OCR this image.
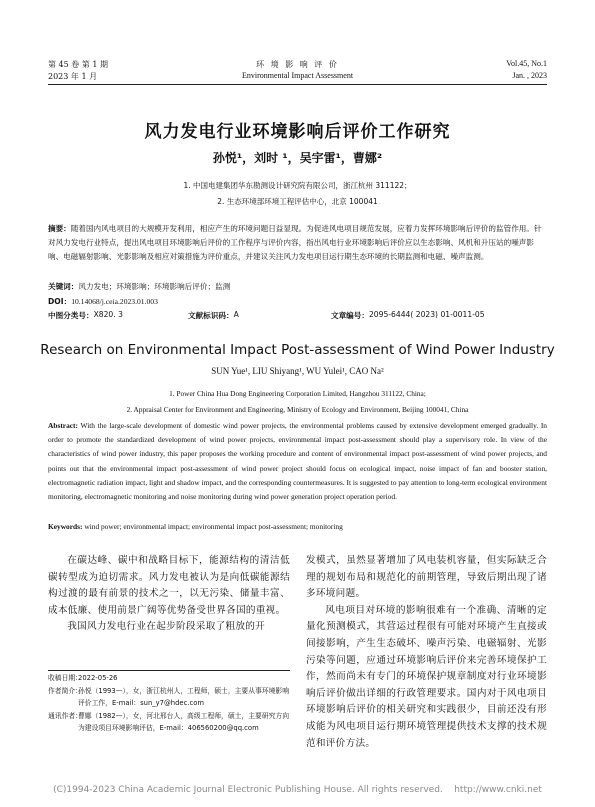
第 45 卷 第 1 期
2023 年 1 月
环 境 影 响 评 价
Environmental Impact Assessment
Vol.45, No.1
Jan. , 2023
风力发电行业环境影响后评价工作研究
孙悦¹，刘时 ¹，吴宇雷¹，曹娜²
1. 中国电建集团华东勘测设计研究院有限公司，浙江杭州 311122；
2. 生态环境部环境工程评估中心，北京 100041

摘要：随着国内风电项目的大规模开发利用，相应产生的环境问题日益显现。为促进风电项目规范发展，应着力发挥环境影响后评价的监管作用。针对风力发电行业特点，提出风电项目环境影响后评价的工作程序与评价内容，指出风电行业环境影响后评价应以生态影响、风机和升压站的噪声影响、电磁辐射影响、光影影响及相应对策措施为评价重点，并建议关注风力发电项目运行期生态环境的长期监测和电磁、噪声监测。

关键词：风力发电；环境影响；环境影响后评价；监测

DOI：10.14068/j.ceia.2023.01.003

中图分类号： X820. 3	文献标识码： A	文章编号： 2095-6444( 2023) 01-0011-05
Research on Environmental Impact Post-assessment of Wind Power Industry
SUN Yue¹, LIU Shiyang¹, WU Yulei¹, CAO Na²
1. Power China Hua Dong Engineering Corporation Limited, Hangzhou 311122, China;
2. Appraisal Center for Environment and Engineering, Ministry of Ecology and Environment, Beijing 100041, China

Abstract: With the large-scale development of domestic wind power projects, the environmental problems caused by extensive development emerged gradually. In order to promote the standardized development of wind power projects, environmental impact post-assessment should play a supervisory role. In view of the characteristics of wind power industry, this paper proposes the working procedure and content of environmental impact post-assessment of wind power projects, and points out that the environmental impact post-assessment of wind power project should focus on ecological impact, noise impact of fan and booster station, electromagnetic radiation impact, light and shadow impact, and the corresponding countermeasures. It is suggested to pay attention to long-term ecological environment monitoring, electromagnetic monitoring and noise monitoring during wind power generation project operation period.

Keywords: wind power; environmental impact; environmental impact post-assessment; monitoring

在碳达峰、碳中和战略目标下，能源结构的清洁低碳转型成为迫切需求。风力发电被认为是向低碳能源结构过渡的最有前景的技术之一，以无污染、储量丰富、成本低廉、使用前景广阔等优势备受世界各国的重视。
我国风力发电行业在起步阶段采取了粗放的开
收稿日期：
2022-05-26
作者简介：
孙悦（1993—），女，浙江杭州人，工程师，硕士，主要从事环境影响评价工作，E-mail：sun_y7@hdec.com
通讯作者：
曹娜（1982—），女，河北邢台人，高级工程师，硕士，主要研究方向为建设项目环境影响评估，E-mail：406560200@qq.com
发模式，虽然显著增加了风电装机容量，但实际缺乏合理的规划布局和规范化的前期管理，导致后期出现了诸多环境问题。
风电项目对环境的影响很难有一个准确、清晰的定量化预测模式，其营运过程很有可能对环境产生直接或间接影响，产生生态破坏、噪声污染、电磁辐射、光影污染等问题，应通过环境影响后评价来完善环境保护工作，然而尚未有专门的环境保护规章制度对行业环境影响后评价做出详细的行政管理要求。国内对于风电项目环境影响后评价的相关研究和实践很少，目前还没有形成能为风电项目运行期环境管理提供技术支撑的技术规范和评价方法。
(C)1994-2023 China Academic Journal Electronic Publishing House. All rights reserved.    http://www.cnki.net
